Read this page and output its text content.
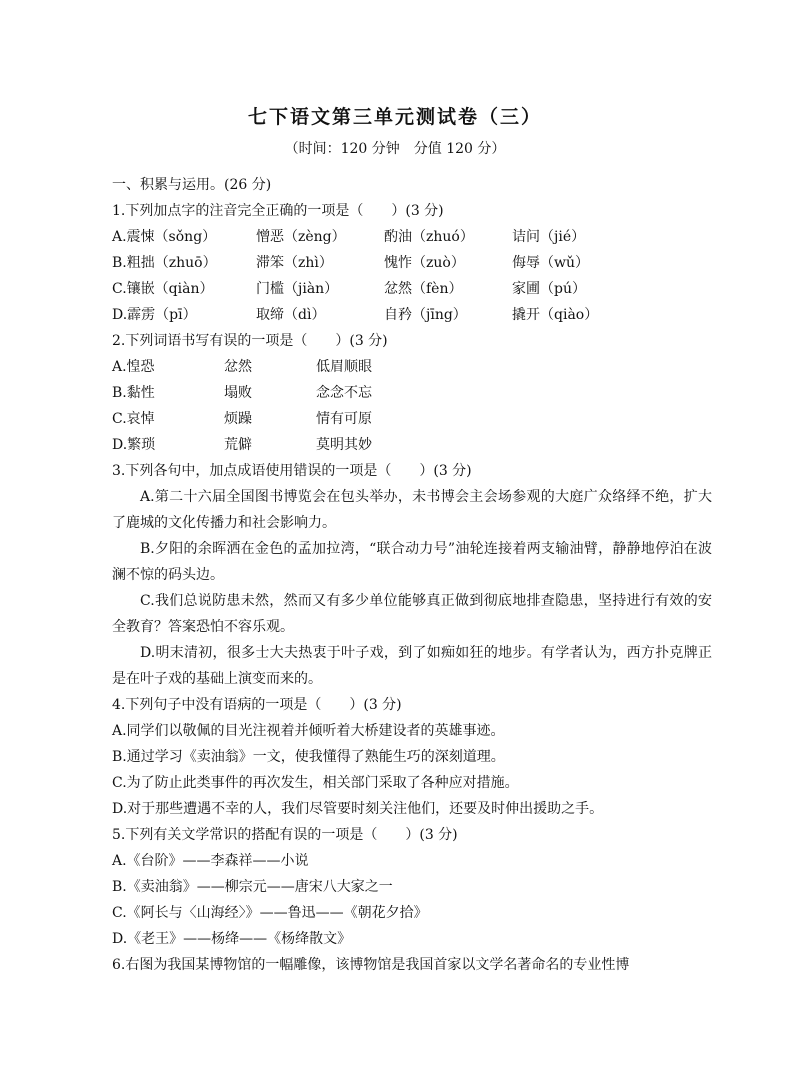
七下语文第三单元测试卷（三）
（时间：120 分钟　分值 120 分）
一、积累与运用。(26 分)
1.下列加点字的注音完全正确的一项是（　　）(3 分)
A.震悚（sǒng）	憎恶（zèng）	酌油（zhuó）	诘问（jié）
B.粗拙（zhuō）	滞笨（zhì）	愧怍（zuò）	侮辱（wǔ）
C.镶嵌（qiàn）	门槛（jiàn）	忿然（fèn）	家圃（pú）
D.霹雳（pī）	取缔（dì）	自矜（jīng）	撬开（qiào）
2.下列词语书写有误的一项是（　　）(3 分)
A.惶恐	忿然	低眉顺眼
B.黏性	塌败	念念不忘
C.哀悼	烦躁	情有可原
D.繁琐	荒僻	莫明其妙
3.下列各句中，加点成语使用错误的一项是（　　）(3 分)
A.第二十六届全国图书博览会在包头举办，未书博会主会场参观的大庭广众络绎不绝，扩大了鹿城的文化传播力和社会影响力。
B.夕阳的余晖洒在金色的孟加拉湾，“联合动力号”油轮连接着两支输油臂，静静地停泊在波澜不惊的码头边。
C.我们总说防患未然，然而又有多少单位能够真正做到彻底地排查隐患，坚持进行有效的安全教育？答案恐怕不容乐观。
D.明末清初，很多士大夫热衷于叶子戏，到了如痴如狂的地步。有学者认为，西方扑克牌正是在叶子戏的基础上演变而来的。
4.下列句子中没有语病的一项是（　　）(3 分)
A.同学们以敬佩的目光注视着并倾听着大桥建设者的英雄事迹。
B.通过学习《卖油翁》一文，使我懂得了熟能生巧的深刻道理。
C.为了防止此类事件的再次发生，相关部门采取了各种应对措施。
D.对于那些遭遇不幸的人，我们尽管要时刻关注他们，还要及时伸出援助之手。
5.下列有关文学常识的搭配有误的一项是（　　）(3 分)
A.《台阶》——李森祥——小说
B.《卖油翁》——柳宗元——唐宋八大家之一
C.《阿长与〈山海经〉》——鲁迅——《朝花夕拾》
D.《老王》——杨绛——《杨绛散文》
6.右图为我国某博物馆的一幅雕像，该博物馆是我国首家以文学名著命名的专业性博
